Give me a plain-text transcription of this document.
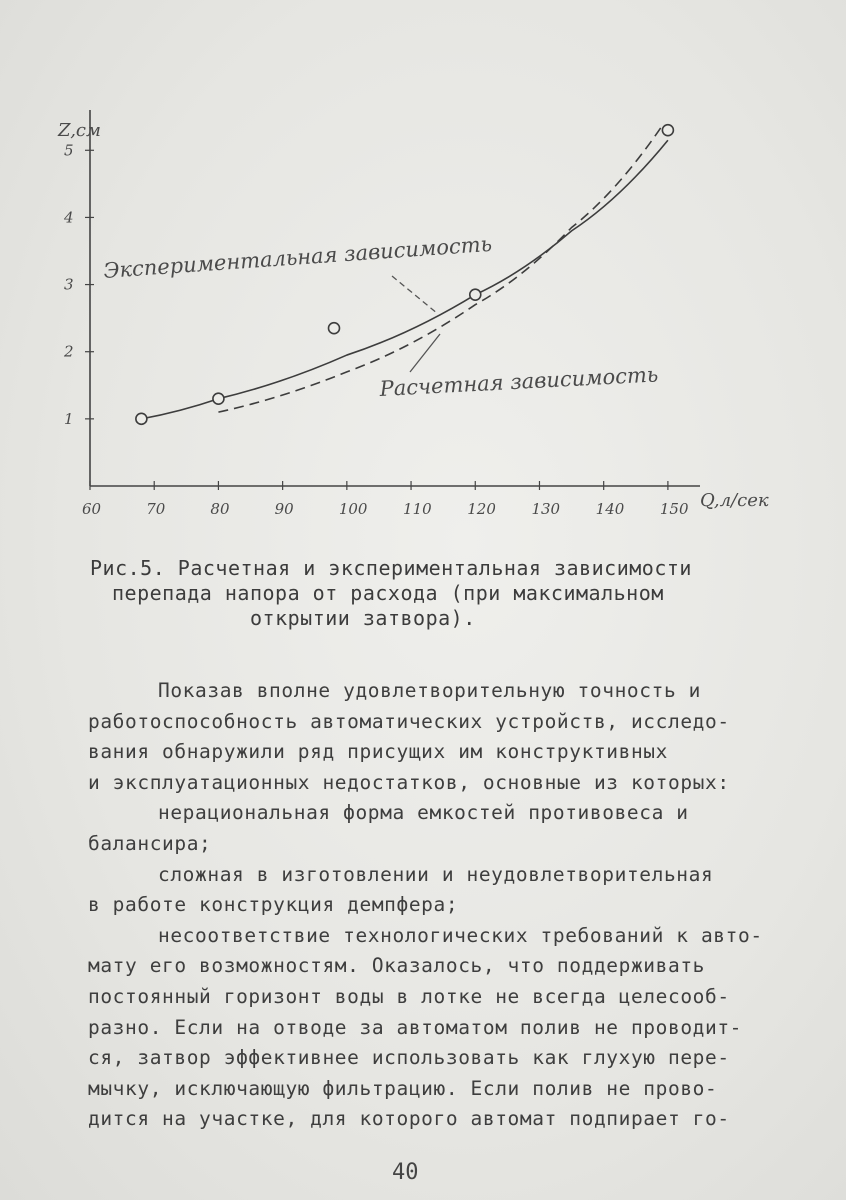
60	70	80	90	100 110 120 130 140 150
1
2
3
4
5
Z,см
Q,л/сек
Экспериментальная зависимость
Расчетная зависимость
Рис.5. Расчетная и экспериментальная зависимости
перепада напора от расхода (при максимальном
открытии затвора).
Показав вполне удовлетворительную точность и
работоспособность автоматических устройств, исследо-
вания обнаружили ряд присущих им конструктивных
и эксплуатационных недостатков, основные из которых:
нерациональная форма емкостей противовеса и
балансира;
сложная в изготовлении и неудовлетворительная
в работе конструкция демпфера;
несоответствие технологических требований к авто-
мату его возможностям. Оказалось, что поддерживать
постоянный горизонт воды в лотке не всегда целесооб-
разно. Если на отводе за автоматом полив не проводит-
ся, затвор эффективнее использовать как глухую пере-
мычку, исключающую фильтрацию. Если полив не прово-
дится на участке, для которого автомат подпирает го-
40
